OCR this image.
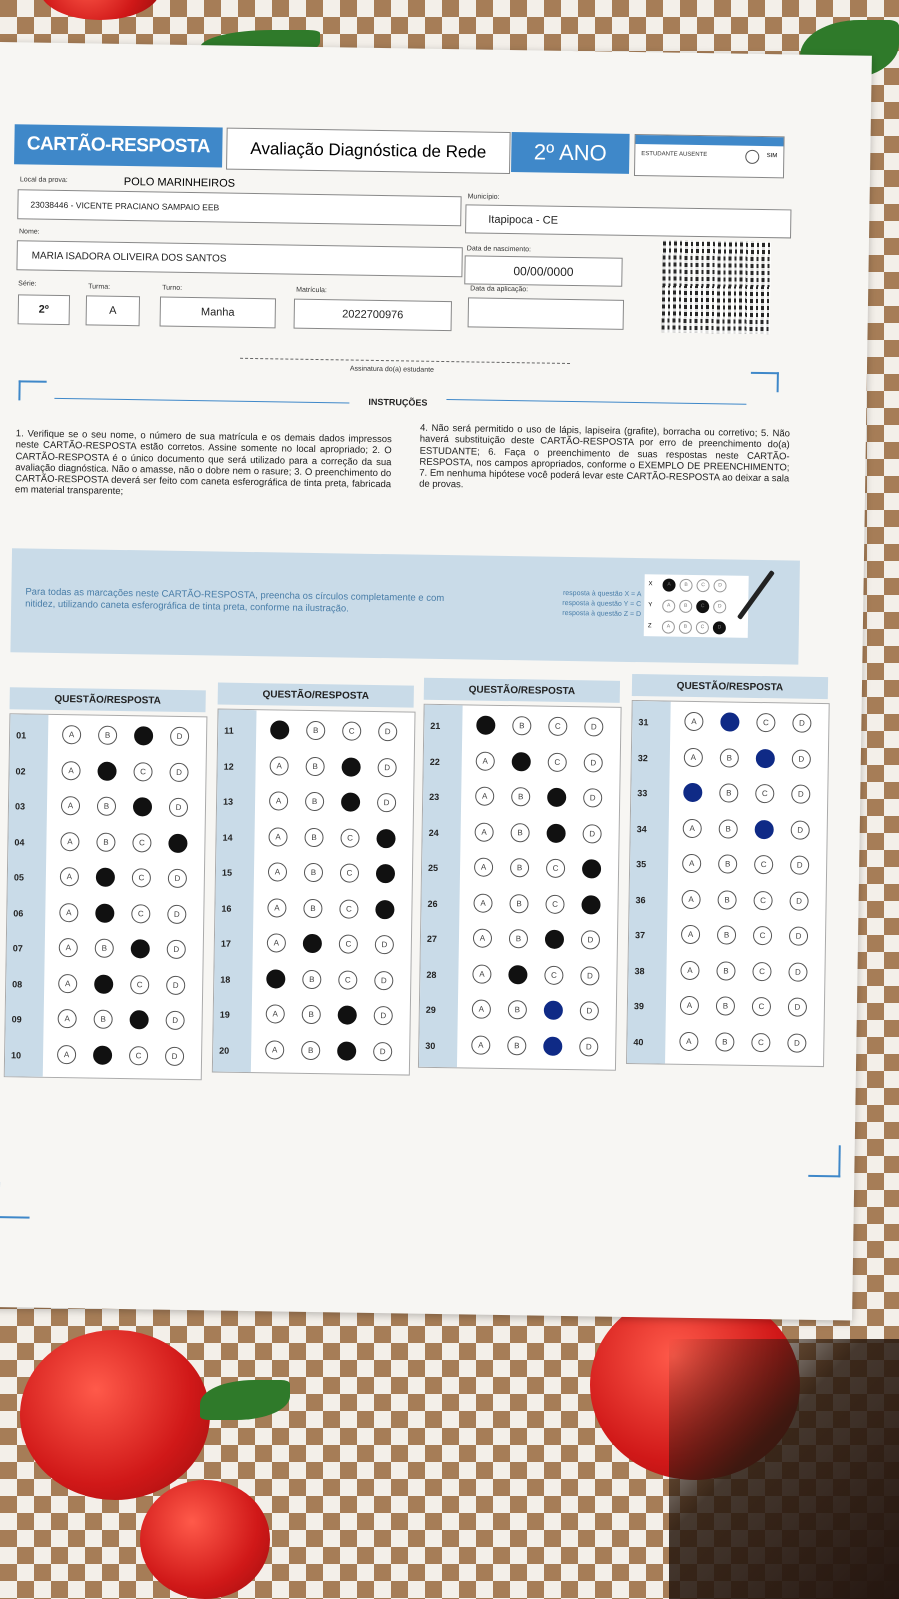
CARTÃO-RESPOSTA	Avaliação Diagnóstica de Rede	2º ANO	ESTUDANTE AUSENTE	SIM
Local da prova:	POLO MARINHEIROS
23038446 - VICENTE PRACIANO SAMPAIO EEB
Município:
Itapipoca - CE
Nome:
MARIA ISADORA OLIVEIRA DOS SANTOS
Data de nascimento:
00/00/0000
Série:
2º
Turma:
A
Turno:
Manha
Matrícula:
2022700976
Data da aplicação:
Assinatura do(a) estudante
INSTRUÇÕES
1. Verifique se o seu nome, o número de sua matrícula e os demais dados impressos neste CARTÃO-RESPOSTA estão corretos. Assine somente no local apropriado; 2. O CARTÃO-RESPOSTA é o único documento que será utilizado para a correção da sua avaliação diagnóstica. Não o amasse, não o dobre nem o rasure; 3. O preenchimento do CARTÃO-RESPOSTA deverá ser feito com caneta esferográfica de tinta preta, fabricada em material transparente;
4. Não será permitido o uso de lápis, lapiseira (grafite), borracha ou corretivo; 5. Não haverá substituição deste CARTÃO-RESPOSTA por erro de preenchimento do(a) ESTUDANTE; 6. Faça o preenchimento de suas respostas neste CARTÃO-RESPOSTA, nos campos apropriados, conforme o EXEMPLO DE PREENCHIMENTO; 7. Em nenhuma hipótese você poderá levar este CARTÃO-RESPOSTA ao deixar a sala de provas.
Para todas as marcações neste CARTÃO-RESPOSTA, preencha os círculos completamente e com nitidez, utilizando caneta esferográfica de tinta preta, conforme na ilustração.
resposta à questão X = A
resposta à questão Y = C
resposta à questão Z = D
X	A	B	C	D
Y	A	B	C	D
Z	A	B	C	D
QUESTÃO/RESPOSTA
01	A	B	D
02	A	C	D
03	A	B	D
04	A	B	C
05	A	C	D
06	A	C	D
07	A	B	D
08	A	C	D
09	A	B	D
10	A	C	D
QUESTÃO/RESPOSTA
11	B	C	D
12	A	B	D
13	A	B	D
14	A	B	C
15	A	B	C
16	A	B	C
17	A	C	D
18	B	C	D
19	A	B	D
20	A	B	D
QUESTÃO/RESPOSTA
21	B	C	D
22	A	C	D
23	A	B	D
24	A	B	D
25	A	B	C
26	A	B	C
27	A	B	D
28	A	C	D
29	A	B	D
30	A	B	D
QUESTÃO/RESPOSTA
31	A	C	D
32	A	B	D
33	B	C	D
34	A	B	D
35	A	B	C	D
36	A	B	C	D
37	A	B	C	D
38	A	B	C	D
39	A	B	C	D
40	A	B	C	D
